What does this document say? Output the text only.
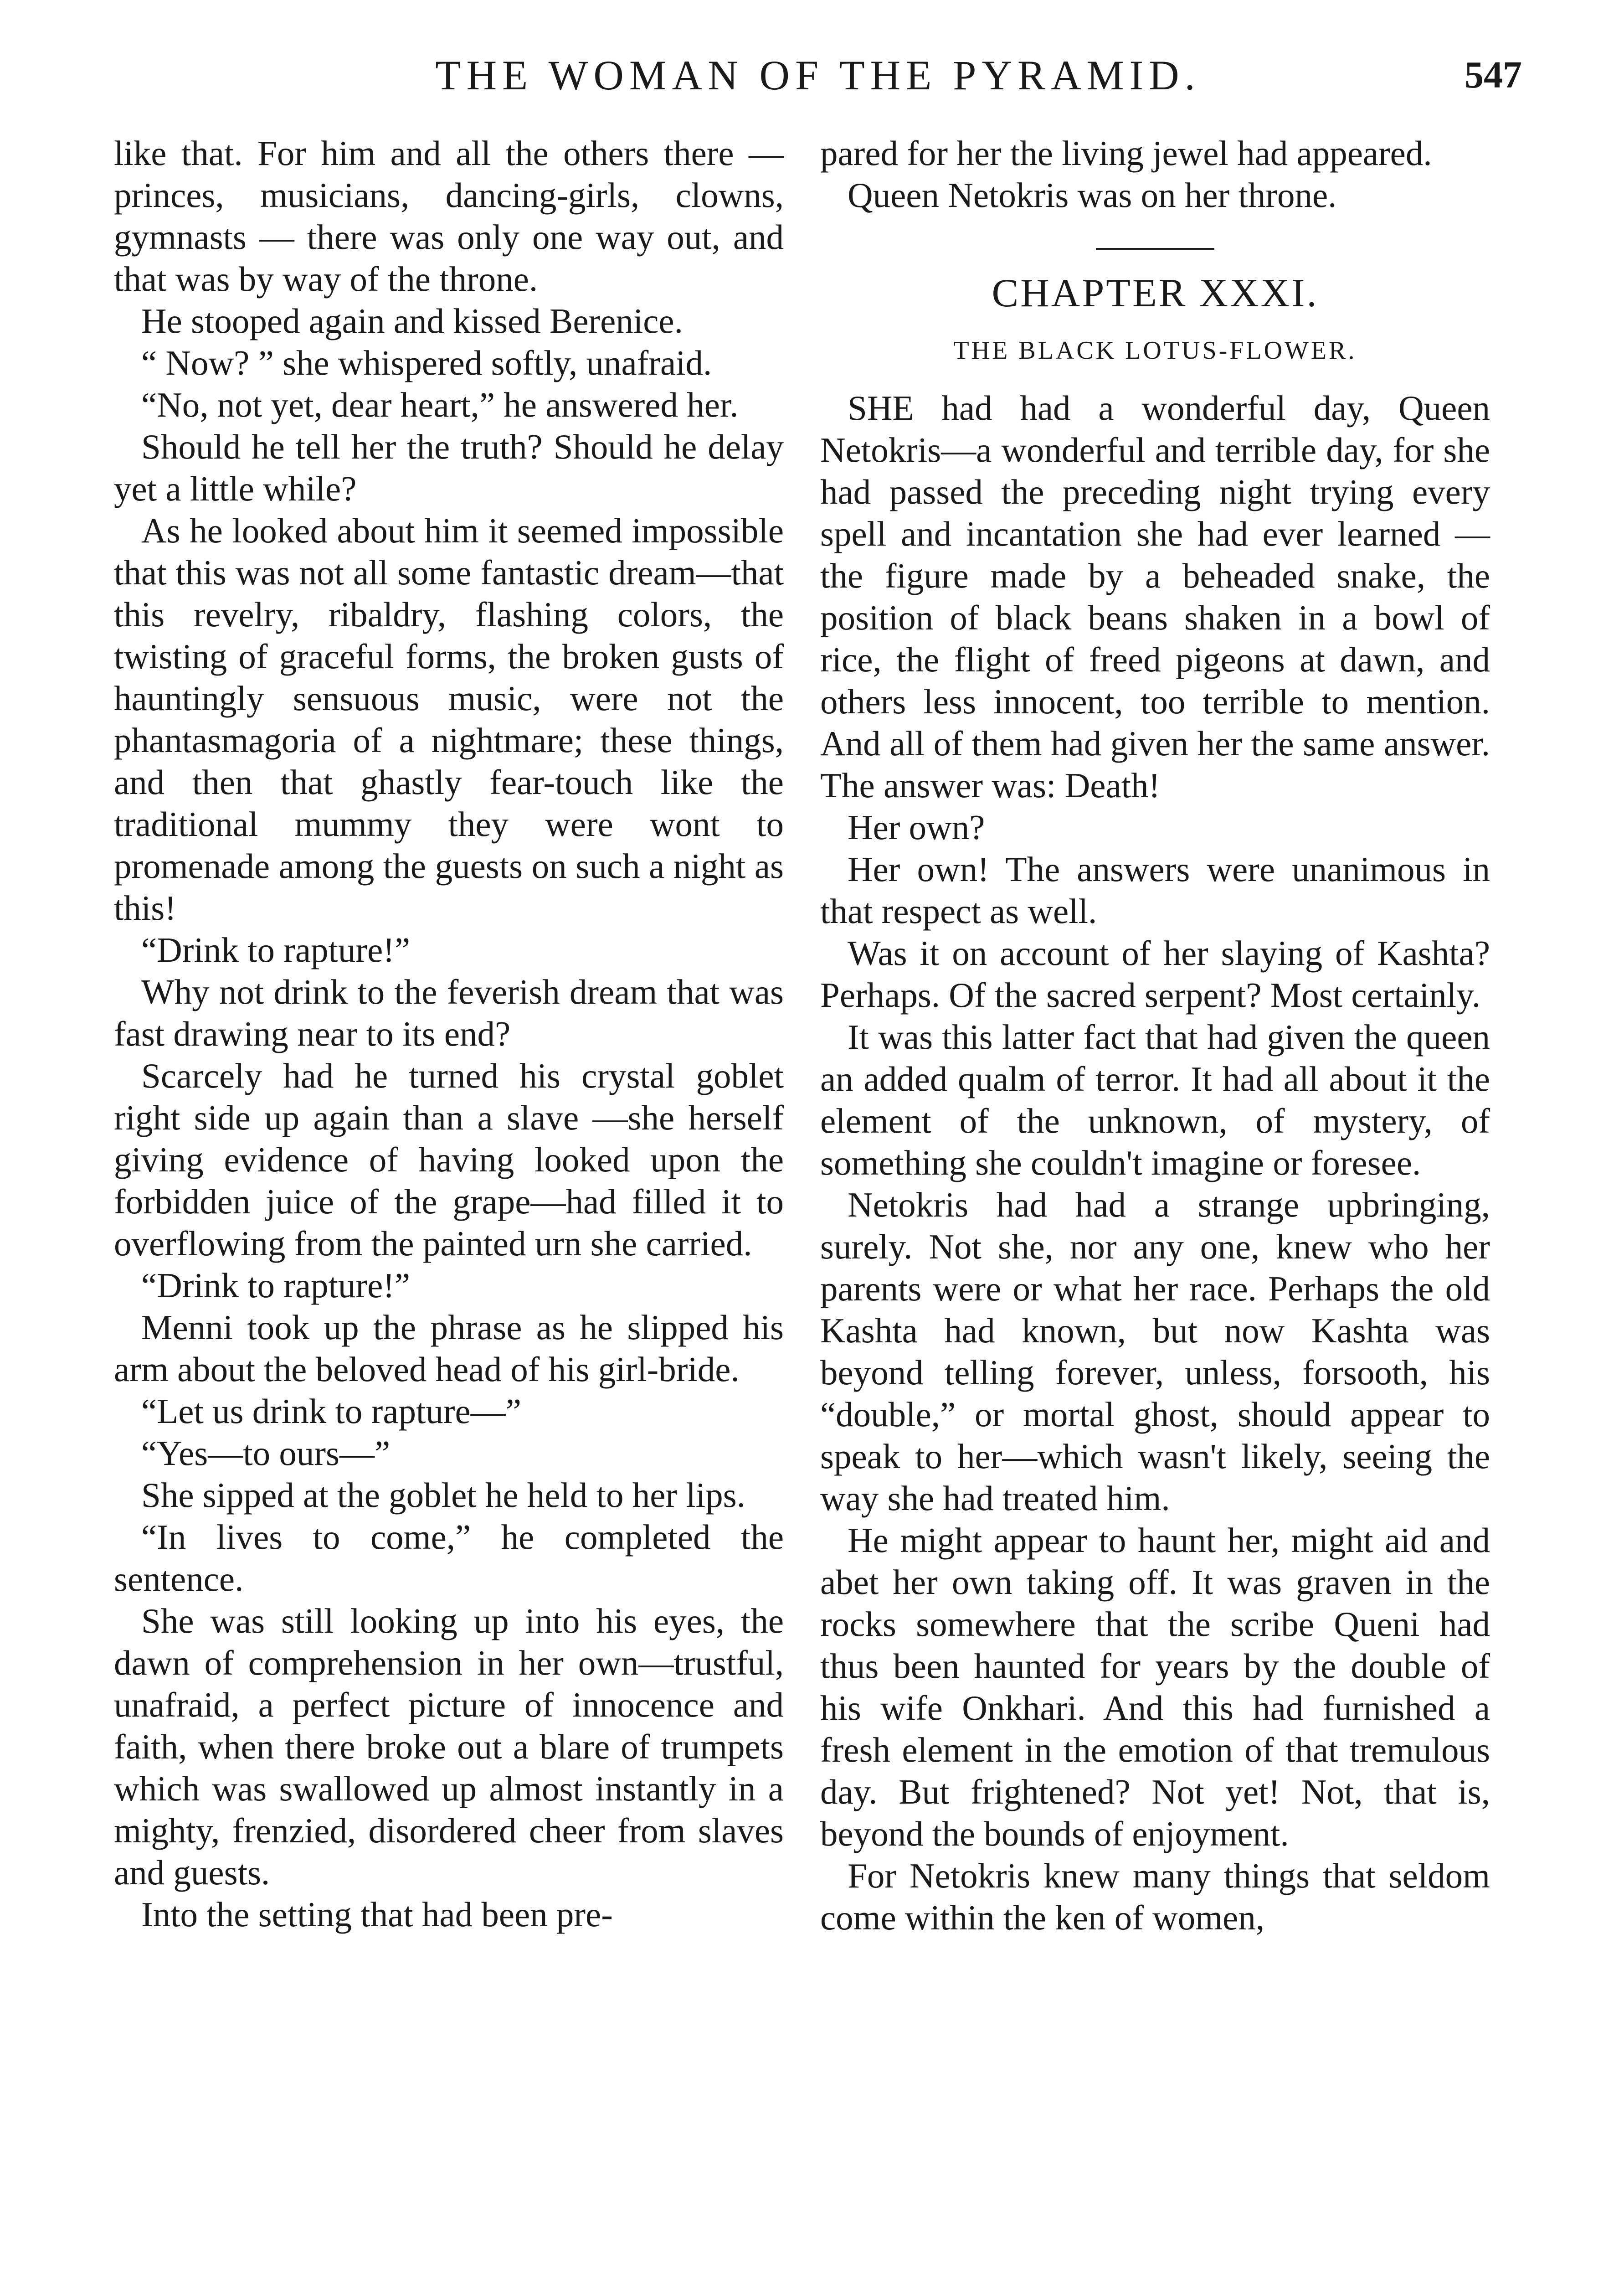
THE WOMAN OF THE PYRAMID.	547

like that. For him and all the others there — princes, musicians, dancing-girls, clowns, gymnasts — there was only one way out, and that was by way of the throne.

He stooped again and kissed Berenice.

“ Now? ” she whispered softly, unafraid.

“No, not yet, dear heart,” he answered her.

Should he tell her the truth? Should he delay yet a little while?

As he looked about him it seemed impossible that this was not all some fantastic dream—that this revelry, ribaldry, flashing colors, the twisting of graceful forms, the broken gusts of hauntingly sensuous music, were not the phantasmagoria of a nightmare; these things, and then that ghastly fear-touch like the traditional mummy they were wont to promenade among the guests on such a night as this!

“Drink to rapture!”

Why not drink to the feverish dream that was fast drawing near to its end?

Scarcely had he turned his crystal goblet right side up again than a slave —she herself giving evidence of having looked upon the forbidden juice of the grape—had filled it to overflowing from the painted urn she carried.

“Drink to rapture!”

Menni took up the phrase as he slipped his arm about the beloved head of his girl-bride.

“Let us drink to rapture—”

“Yes—to ours—”

She sipped at the goblet he held to her lips.

“In lives to come,” he completed the sentence.

She was still looking up into his eyes, the dawn of comprehension in her own—trustful, unafraid, a perfect picture of innocence and faith, when there broke out a blare of trumpets which was swallowed up almost instantly in a mighty, frenzied, disordered cheer from slaves and guests.

Into the setting that had been pre-

pared for her the living jewel had appeared.

Queen Netokris was on her throne.

CHAPTER XXXI.
THE BLACK LOTUS-FLOWER.

SHE had had a wonderful day, Queen Netokris—a wonderful and terrible day, for she had passed the preceding night trying every spell and incantation she had ever learned — the figure made by a beheaded snake, the position of black beans shaken in a bowl of rice, the flight of freed pigeons at dawn, and others less innocent, too terrible to mention. And all of them had given her the same answer. The answer was: Death!

Her own?

Her own! The answers were unanimous in that respect as well.

Was it on account of her slaying of Kashta? Perhaps. Of the sacred serpent? Most certainly.

It was this latter fact that had given the queen an added qualm of terror. It had all about it the element of the unknown, of mystery, of something she couldn't imagine or foresee.

Netokris had had a strange upbringing, surely. Not she, nor any one, knew who her parents were or what her race. Perhaps the old Kashta had known, but now Kashta was beyond telling forever, unless, forsooth, his “double,” or mortal ghost, should appear to speak to her—which wasn't likely, seeing the way she had treated him.

He might appear to haunt her, might aid and abet her own taking off. It was graven in the rocks somewhere that the scribe Queni had thus been haunted for years by the double of his wife Onkhari. And this had furnished a fresh element in the emotion of that tremulous day. But frightened? Not yet! Not, that is, beyond the bounds of enjoyment.

For Netokris knew many things that seldom come within the ken of women,
